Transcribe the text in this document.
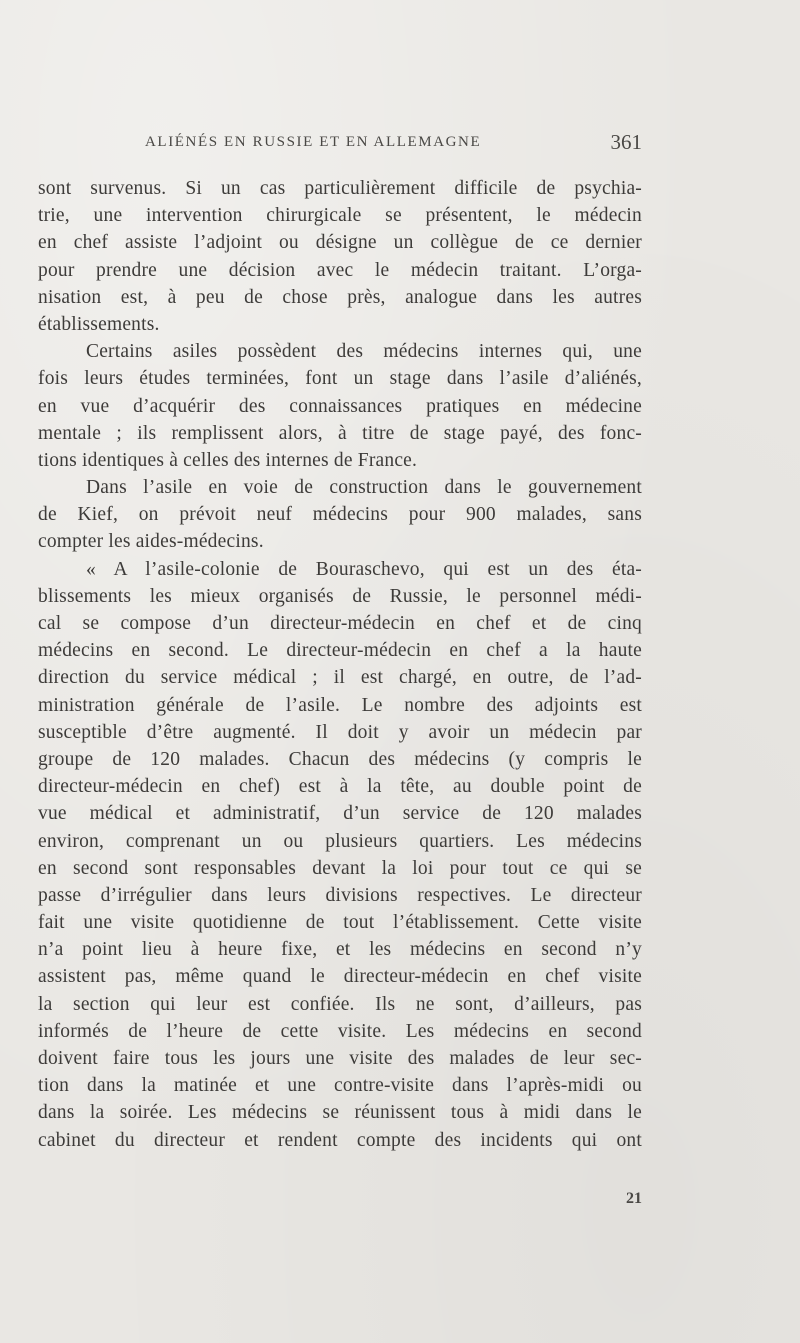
ALIÉNÉS EN RUSSIE ET EN ALLEMAGNE	361
sont survenus. Si un cas particulièrement difficile de psychia-
trie, une intervention chirurgicale se présentent, le médecin
en chef assiste l’adjoint ou désigne un collègue de ce dernier
pour prendre une décision avec le médecin traitant. L’orga-
nisation est, à peu de chose près, analogue dans les autres
établissements.
Certains asiles possèdent des médecins internes qui, une
fois leurs études terminées, font un stage dans l’asile d’aliénés,
en vue d’acquérir des connaissances pratiques en médecine
mentale ; ils remplissent alors, à titre de stage payé, des fonc-
tions identiques à celles des internes de France.
Dans l’asile en voie de construction dans le gouvernement
de Kief, on prévoit neuf médecins pour 900 malades, sans
compter les aides-médecins.
« A l’asile-colonie de Bouraschevo, qui est un des éta-
blissements les mieux organisés de Russie, le personnel médi-
cal se compose d’un directeur-médecin en chef et de cinq
médecins en second. Le directeur-médecin en chef a la haute
direction du service médical ; il est chargé, en outre, de l’ad-
ministration générale de l’asile. Le nombre des adjoints est
susceptible d’être augmenté. Il doit y avoir un médecin par
groupe de 120 malades. Chacun des médecins (y compris le
directeur-médecin en chef) est à la tête, au double point de
vue médical et administratif, d’un service de 120 malades
environ, comprenant un ou plusieurs quartiers. Les médecins
en second sont responsables devant la loi pour tout ce qui se
passe d’irrégulier dans leurs divisions respectives. Le directeur
fait une visite quotidienne de tout l’établissement. Cette visite
n’a point lieu à heure fixe, et les médecins en second n’y
assistent pas, même quand le directeur-médecin en chef visite
la section qui leur est confiée. Ils ne sont, d’ailleurs, pas
informés de l’heure de cette visite. Les médecins en second
doivent faire tous les jours une visite des malades de leur sec-
tion dans la matinée et une contre-visite dans l’après-midi ou
dans la soirée. Les médecins se réunissent tous à midi dans le
cabinet du directeur et rendent compte des incidents qui ont
21
